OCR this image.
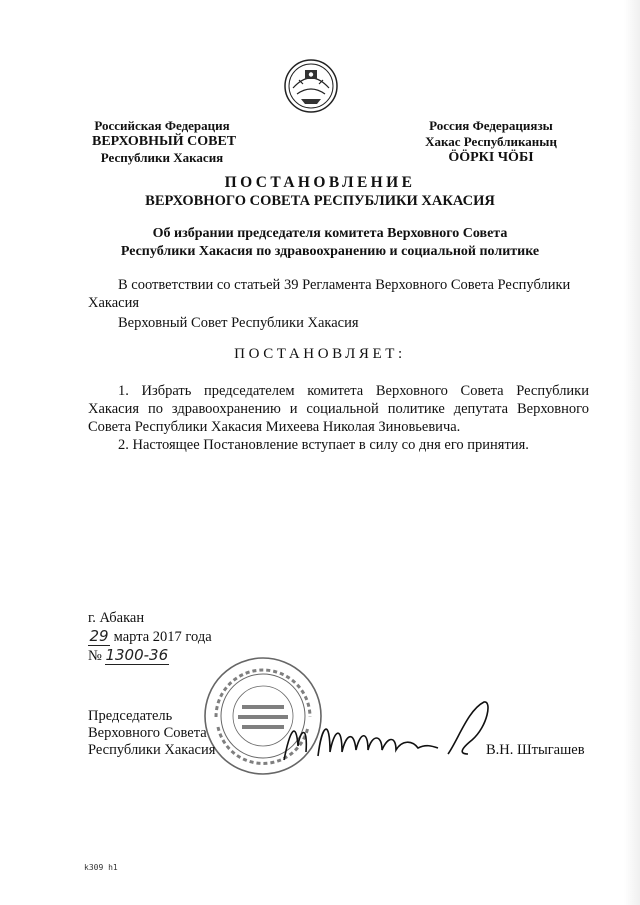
Российская Федерация
ВЕРХОВНЫЙ СОВЕТ
Республики Хакасия
Россия Федерациязы
Хакас Республиканың
ÖÖРКI ЧÖБI
ПОСТАНОВЛЕНИЕ
ВЕРХОВНОГО СОВЕТА РЕСПУБЛИКИ ХАКАСИЯ
Об избрании председателя комитета Верховного Совета
Республики Хакасия по здравоохранению и социальной политике
В соответствии со статьей 39 Регламента Верховного Совета Республики
Хакасия
Верховный Совет Республики Хакасия
ПОСТАНОВЛЯЕТ:

1. Избрать председателем комитета Верховного Совета Республики Хакасия по здравоохранению и социальной политике депутата Верховного Совета Республики Хакасия Михеева Николая Зиновьевича.

2. Настоящее Постановление вступает в силу со дня его принятия.

Председатель
Верховного Совета
Республики Хакасия	В.Н. Штыгашев
г. Абакан
29 марта 2017 года
№ 1300-36
k309 h1
